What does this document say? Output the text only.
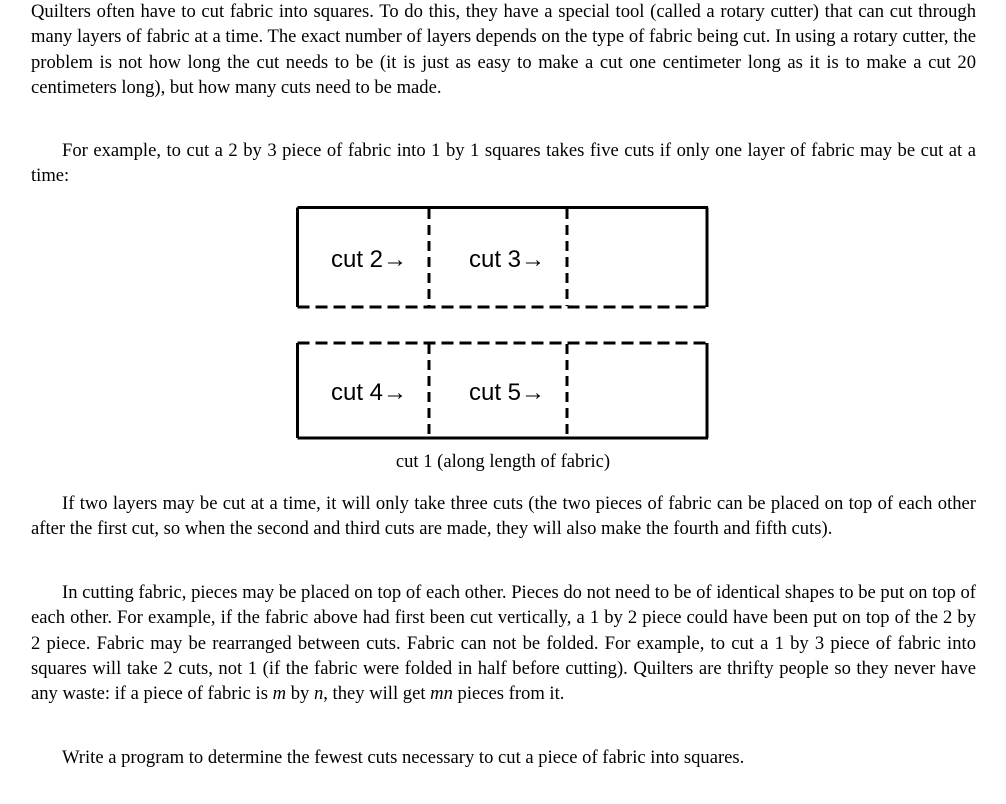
Quilters often have to cut fabric into squares. To do this, they have a special tool (called a rotary cutter) that can cut through many layers of fabric at a time. The exact number of layers depends on the type of fabric being cut. In using a rotary cutter, the problem is not how long the cut needs to be (it is just as easy to make a cut one centimeter long as it is to make a cut 20 centimeters long), but how many cuts need to be made.

For example, to cut a 2 by 3 piece of fabric into 1 by 1 squares takes five cuts if only one layer of fabric may be cut at a time:

If two layers may be cut at a time, it will only take three cuts (the two pieces of fabric can be placed on top of each other after the first cut, so when the second and third cuts are made, they will also make the fourth and fifth cuts).

In cutting fabric, pieces may be placed on top of each other. Pieces do not need to be of identical shapes to be put on top of each other. For example, if the fabric above had first been cut vertically, a 1 by 2 piece could have been put on top of the 2 by 2 piece. Fabric may be rearranged between cuts. Fabric can not be folded. For example, to cut a 1 by 3 piece of fabric into squares will take 2 cuts, not 1 (if the fabric were folded in half before cutting). Quilters are thrifty people so they never have any waste: if a piece of fabric is m by n, they will get mn pieces from it.

Write a program to determine the fewest cuts necessary to cut a piece of fabric into squares.

cut 2→	cut 3→
cut 4→	cut 5→
cut 1 (along length of fabric)
